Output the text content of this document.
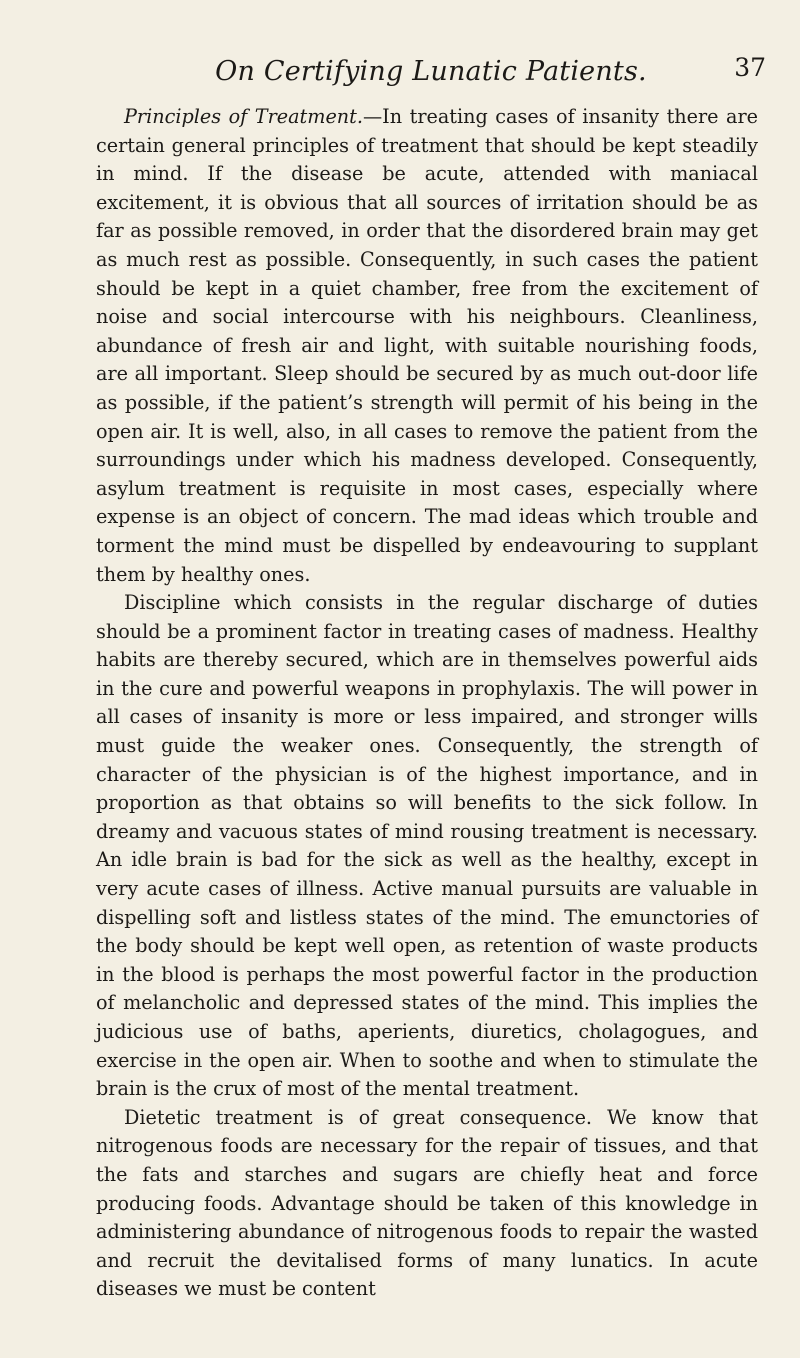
On Certifying Lunatic Patients.	37

Principles of Treatment.—In treating cases of insanity there are certain general principles of treatment that should be kept steadily in mind. If the disease be acute, attended with maniacal excitement, it is obvious that all sources of irritation should be as far as possible removed, in order that the disordered brain may get as much rest as possible. Consequently, in such cases the patient should be kept in a quiet chamber, free from the excitement of noise and social intercourse with his neighbours. Cleanliness, abundance of fresh air and light, with suitable nourishing foods, are all important. Sleep should be secured by as much out-door life as possible, if the patient’s strength will permit of his being in the open air. It is well, also, in all cases to remove the patient from the surroundings under which his madness developed. Consequently, asylum treatment is requisite in most cases, especially where expense is an object of concern. The mad ideas which trouble and torment the mind must be dispelled by endeavouring to supplant them by healthy ones.

Discipline which consists in the regular discharge of duties should be a prominent factor in treating cases of madness. Healthy habits are thereby secured, which are in themselves powerful aids in the cure and powerful weapons in prophylaxis. The will power in all cases of insanity is more or less impaired, and stronger wills must guide the weaker ones. Consequently, the strength of character of the physician is of the highest importance, and in proportion as that obtains so will benefits to the sick follow. In dreamy and vacuous states of mind rousing treatment is necessary. An idle brain is bad for the sick as well as the healthy, except in very acute cases of illness. Active manual pursuits are valuable in dispelling soft and listless states of the mind. The emunctories of the body should be kept well open, as retention of waste products in the blood is perhaps the most powerful factor in the production of melancholic and depressed states of the mind. This implies the judicious use of baths, aperients, diuretics, cholagogues, and exercise in the open air. When to soothe and when to stimulate the brain is the crux of most of the mental treatment.

Dietetic treatment is of great consequence. We know that nitrogenous foods are necessary for the repair of tissues, and that the fats and starches and sugars are chiefly heat and force producing foods. Advantage should be taken of this knowledge in administering abundance of nitrogenous foods to repair the wasted and recruit the devitalised forms of many lunatics. In acute diseases we must be content
